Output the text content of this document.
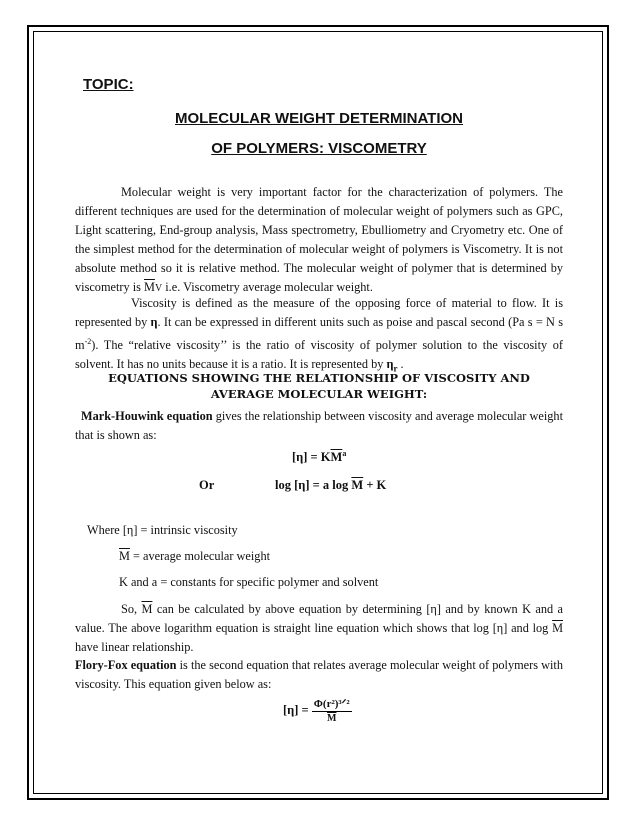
TOPIC:
MOLECULAR WEIGHT DETERMINATION
OF POLYMERS: VISCOMETRY

Molecular weight is very important factor for the characterization of polymers. The different techniques are used for the determination of molecular weight of polymers such as GPC, Light scattering, End-group analysis, Mass spectrometry, Ebulliometry and Cryometry etc. One of the simplest method for the determination of molecular weight of polymers is Viscometry. It is not absolute method so it is relative method. The molecular weight of polymer that is determined by viscometry is $\overline{M}V$ i.e. Viscometry average molecular weight.

Viscosity is defined as the measure of the opposing force of material to flow. It is represented by η. It can be expressed in different units such as poise and pascal second (Pa s = N s $m^{-2}$). The “relative viscosity’’ is the ratio of viscosity of polymer solution to the viscosity of solvent. It has no units because it is a ratio. It is represented by $\eta_r$ .

EQUATIONS SHOWING THE RELATIONSHIP OF VISCOSITY AND
AVERAGE MOLECULAR WEIGHT:

Mark-Houwink equation gives the relationship between viscosity and average molecular weight that is shown as:

$[\eta] = K\overline{M}^a$
Or	log [η] = a $\log \overline{M} + K$
Where [η] = intrinsic viscosity
$\overline{M}$ = average molecular weight
K and a = constants for specific polymer and solvent

So, $\overline{M}$ can be calculated by above equation by determining [η] and by known K and a value. The above logarithm equation is straight line equation which shows that log [η] and $\log \overline{M}$ have linear relationship.

Flory-Fox equation is the second equation that relates average molecular weight of polymers with viscosity. This equation given below as:

$[\eta] = \frac{\text{Φ(r²)³ᐟ²}}{M}$
